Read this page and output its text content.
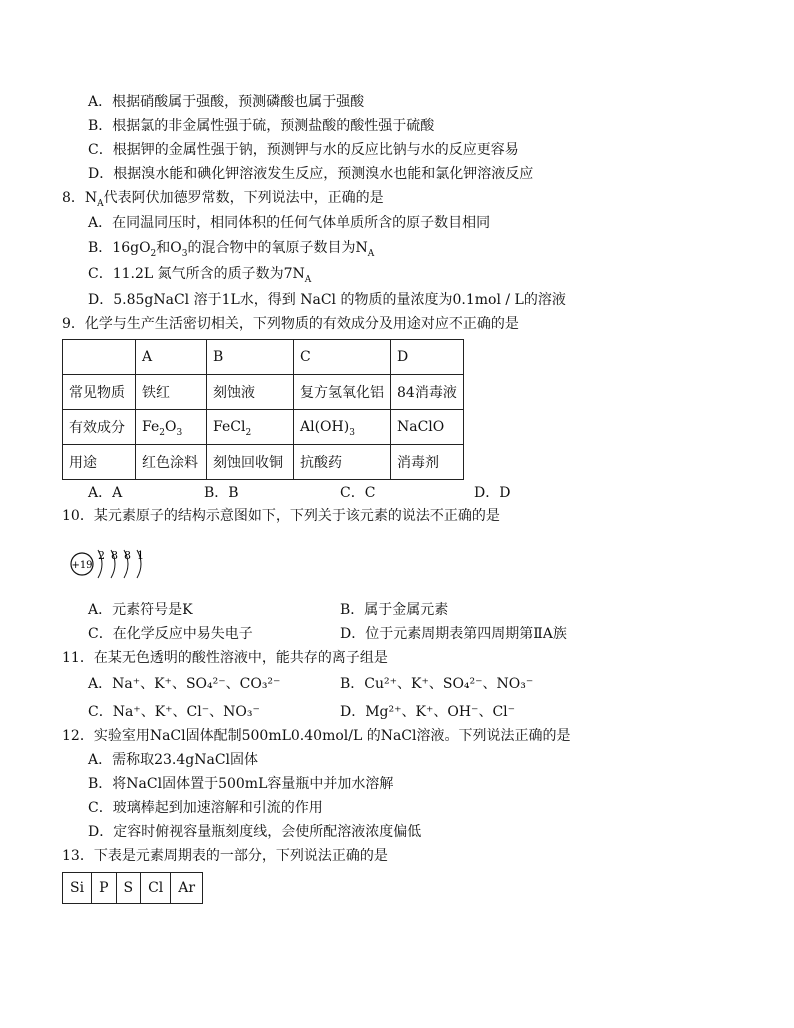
A．根据硝酸属于强酸，预测磷酸也属于强酸
B．根据氯的非金属性强于硫，预测盐酸的酸性强于硫酸
C．根据钾的金属性强于钠，预测钾与水的反应比钠与水的反应更容易
D．根据溴水能和碘化钾溶液发生反应，预测溴水也能和氯化钾溶液反应
8．$N_A$代表阿伏加德罗常数，下列说法中，正确的是
A．在同温同压时，相同体积的任何气体单质所含的原子数目相同
B．$16gO_2$和$O_3$的混合物中的氧原子数目为$N_A$
C．11.2L 氮气所含的质子数为$7N_A$
D．5.85gNaCl 溶于1L水，得到 NaCl 的物质的量浓度为0.1mol / L的溶液
9．化学与生产生活密切相关，下列物质的有效成分及用途对应不正确的是
	A	B	C	D
常见物质	铁红	刻蚀液	复方氢氧化铝	84消毒液
有效成分	$Fe_2O_3$	FeCl$_2$	$Al(OH)_3$	NaClO
用途	红色涂料	刻蚀回收铜	抗酸药	消毒剂
A．A	B．B	C．C	D．D
10．某元素原子的结构示意图如下，下列关于该元素的说法不正确的是
+19
2 8 8 1
A．元素符号是K	B．属于金属元素
C．在化学反应中易失电子	D．位于元素周期表第四周期第ⅡA族
11．在某无色透明的酸性溶液中，能共存的离子组是
A．Na⁺、K⁺、SO₄²⁻、CO₃²⁻	B．Cu²⁺、K⁺、SO₄²⁻、NO₃⁻
C．Na⁺、K⁺、Cl⁻、NO₃⁻	D．Mg²⁺、K⁺、OH⁻、Cl⁻
12．实验室用NaCl固体配制500mL0.40mol/L 的NaCl溶液。下列说法正确的是
A．需称取23.4gNaCl固体
B．将NaCl固体置于500mL容量瓶中并加水溶解
C．玻璃棒起到加速溶解和引流的作用
D．定容时俯视容量瓶刻度线，会使所配溶液浓度偏低
13．下表是元素周期表的一部分，下列说法正确的是
Si	P	S	Cl	Ar
